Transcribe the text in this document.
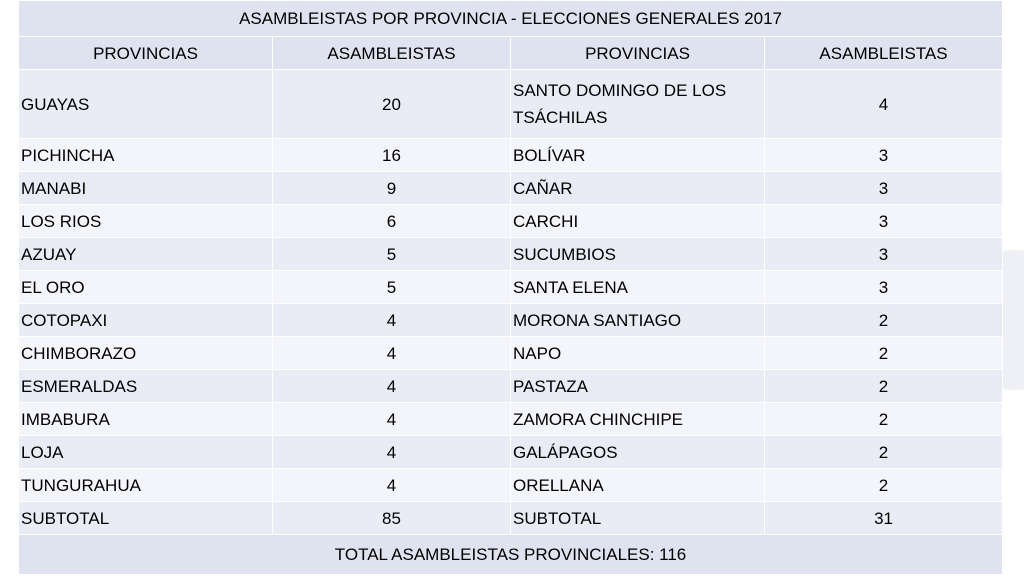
ASAMBLEISTAS POR PROVINCIA - ELECCIONES GENERALES 2017			
PROVINCIAS	ASAMBLEISTAS	PROVINCIAS	ASAMBLEISTAS
GUAYAS	20	SANTO DOMINGO DE LOS TSÁCHILAS	4
PICHINCHA	16	BOLÍVAR	3
MANABI	9	CAÑAR	3
LOS RIOS	6	CARCHI	3
AZUAY	5	SUCUMBIOS	3
EL ORO	5	SANTA ELENA	3
COTOPAXI	4	MORONA SANTIAGO	2
CHIMBORAZO	4	NAPO	2
ESMERALDAS	4	PASTAZA	2
IMBABURA	4	ZAMORA CHINCHIPE	2
LOJA	4	GALÁPAGOS	2
TUNGURAHUA	4	ORELLANA	2
SUBTOTAL	85	SUBTOTAL	31
TOTAL ASAMBLEISTAS PROVINCIALES: 116			
